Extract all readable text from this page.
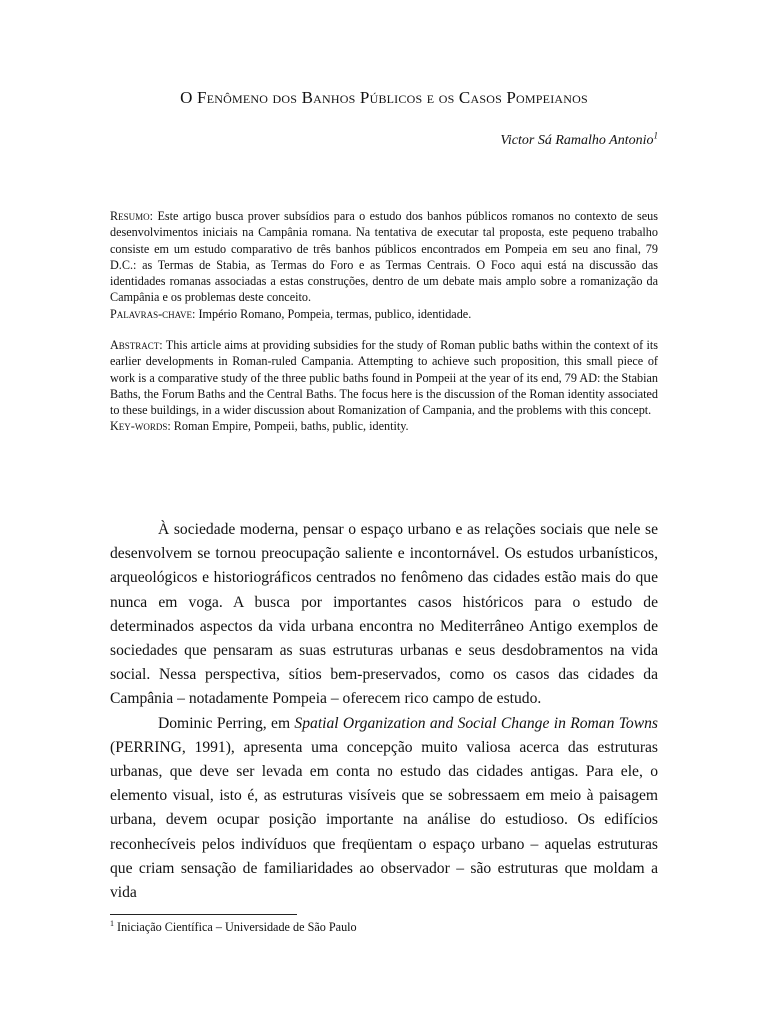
O Fenômeno dos Banhos Públicos e os Casos Pompeianos
Victor Sá Ramalho Antonio$^1$

Resumo: Este artigo busca prover subsídios para o estudo dos banhos públicos romanos no contexto de seus desenvolvimentos iniciais na Campânia romana. Na tentativa de executar tal proposta, este pequeno trabalho consiste em um estudo comparativo de três banhos públicos encontrados em Pompeia em seu ano final, 79 D.C.: as Termas de Stabia, as Termas do Foro e as Termas Centrais. O Foco aqui está na discussão das identidades romanas associadas a estas construções, dentro de um debate mais amplo sobre a romanização da Campânia e os problemas deste conceito.

Palavras-chave: Império Romano, Pompeia, termas, publico, identidade.

Abstract: This article aims at providing subsidies for the study of Roman public baths within the context of its earlier developments in Roman-ruled Campania. Attempting to achieve such proposition, this small piece of work is a comparative study of the three public baths found in Pompeii at the year of its end, 79 AD: the Stabian Baths, the Forum Baths and the Central Baths. The focus here is the discussion of the Roman identity associated to these buildings, in a wider discussion about Romanization of Campania, and the problems with this concept.

Key-words: Roman Empire, Pompeii, baths, public, identity.

À sociedade moderna, pensar o espaço urbano e as relações sociais que nele se desenvolvem se tornou preocupação saliente e incontornável. Os estudos urbanísticos, arqueológicos e historiográficos centrados no fenômeno das cidades estão mais do que nunca em voga. A busca por importantes casos históricos para o estudo de determinados aspectos da vida urbana encontra no Mediterrâneo Antigo exemplos de sociedades que pensaram as suas estruturas urbanas e seus desdobramentos na vida social. Nessa perspectiva, sítios bem-preservados, como os casos das cidades da Campânia – notadamente Pompeia – oferecem rico campo de estudo.

Dominic Perring, em Spatial Organization and Social Change in Roman Towns (PERRING, 1991), apresenta uma concepção muito valiosa acerca das estruturas urbanas, que deve ser levada em conta no estudo das cidades antigas. Para ele, o elemento visual, isto é, as estruturas visíveis que se sobressaem em meio à paisagem urbana, devem ocupar posição importante na análise do estudioso. Os edifícios reconhecíveis pelos indivíduos que freqüentam o espaço urbano – aquelas estruturas que criam sensação de familiaridades ao observador – são estruturas que moldam a vida

$^1$ Iniciação Científica – Universidade de São Paulo
